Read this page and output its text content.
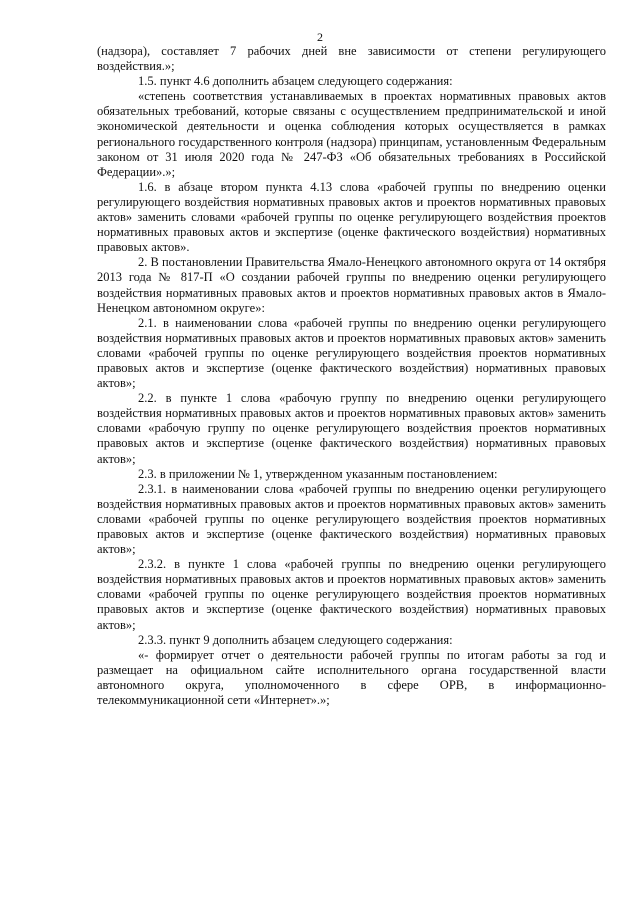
2

(надзора), составляет 7 рабочих дней вне зависимости от степени регулирующего воздействия.»;

1.5. пункт 4.6 дополнить абзацем следующего содержания:

«степень соответствия устанавливаемых в проектах нормативных правовых актов обязательных требований, которые связаны с осуществлением предпринимательской и иной экономической деятельности и оценка соблюдения которых осуществляется в рамках регионального государственного контроля (надзора) принципам, установленным Федеральным законом от 31 июля 2020 года № 247-ФЗ «Об обязательных требованиях в Российской Федерации».»;

1.6. в абзаце втором пункта 4.13 слова «рабочей группы по внедрению оценки регулирующего воздействия нормативных правовых актов и проектов нормативных правовых актов» заменить словами «рабочей группы по оценке регулирующего воздействия проектов нормативных правовых актов и экспертизе (оценке фактического воздействия) нормативных правовых актов».

2. В постановлении Правительства Ямало-Ненецкого автономного округа от 14 октября 2013 года № 817-П «О создании рабочей группы по внедрению оценки регулирующего воздействия нормативных правовых актов и проектов нормативных правовых актов в Ямало-Ненецком автономном округе»:

2.1. в наименовании слова «рабочей группы по внедрению оценки регулирующего воздействия нормативных правовых актов и проектов нормативных правовых актов» заменить словами «рабочей группы по оценке регулирующего воздействия проектов нормативных правовых актов и экспертизе (оценке фактического воздействия) нормативных правовых актов»;

2.2. в пункте 1 слова «рабочую группу по внедрению оценки регулирующего воздействия нормативных правовых актов и проектов нормативных правовых актов» заменить словами «рабочую группу по оценке регулирующего воздействия проектов нормативных правовых актов и экспертизе (оценке фактического воздействия) нормативных правовых актов»;

2.3. в приложении № 1, утвержденном указанным постановлением:

2.3.1. в наименовании слова «рабочей группы по внедрению оценки регулирующего воздействия нормативных правовых актов и проектов нормативных правовых актов» заменить словами «рабочей группы по оценке регулирующего воздействия проектов нормативных правовых актов и экспертизе (оценке фактического воздействия) нормативных правовых актов»;

2.3.2. в пункте 1 слова «рабочей группы по внедрению оценки регулирующего воздействия нормативных правовых актов и проектов нормативных правовых актов» заменить словами «рабочей группы по оценке регулирующего воздействия проектов нормативных правовых актов и экспертизе (оценке фактического воздействия) нормативных правовых актов»;

2.3.3. пункт 9 дополнить абзацем следующего содержания:

«- формирует отчет о деятельности рабочей группы по итогам работы за год и размещает на официальном сайте исполнительного органа государственной власти автономного округа, уполномоченного в сфере ОРВ, в информационно-телекоммуникационной сети «Интернет».»;
